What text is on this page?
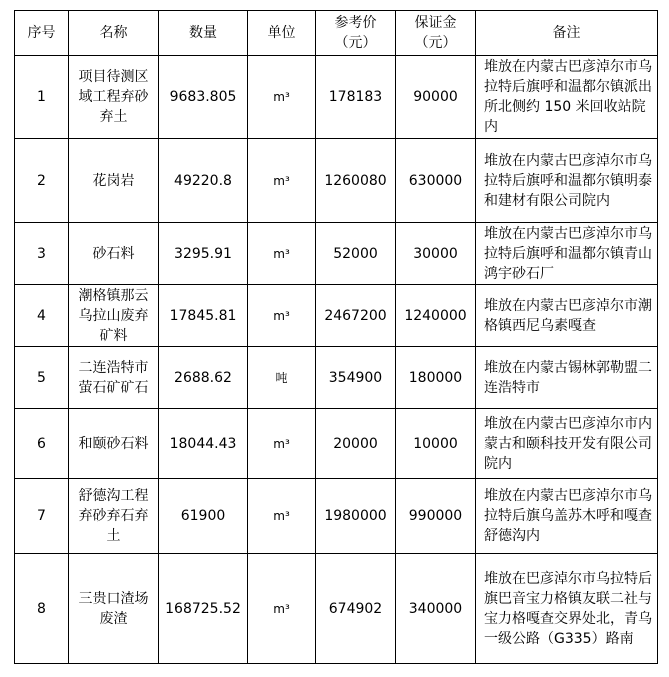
序号	名称	数量	单位	参考价（元）	保证金（元）	备注
1	项目待测区域工程弃砂弃土	9683.805	m³	178183	90000	堆放在内蒙古巴彦淖尔市乌拉特后旗呼和温都尔镇派出所北侧约 150 米回收站院内
2	花岗岩	49220.8	m³	1260080	630000	堆放在内蒙古巴彦淖尔市乌拉特后旗呼和温都尔镇明泰和建材有限公司院内
3	砂石料	3295.91	m³	52000	30000	堆放在内蒙古巴彦淖尔市乌拉特后旗呼和温都尔镇青山鸿宇砂石厂
4	潮格镇那云乌拉山废弃矿料	17845.81	m³	2467200	1240000	堆放在内蒙古巴彦淖尔市潮格镇西尼乌素嘎查
5	二连浩特市萤石矿矿石	2688.62	吨	354900	180000	堆放在内蒙古锡林郭勒盟二连浩特市
6	和颐砂石料	18044.43	m³	20000	10000	堆放在内蒙古巴彦淖尔市内蒙古和颐科技开发有限公司院内
7	舒德沟工程弃砂弃石弃土	61900	m³	1980000	990000	堆放在内蒙古巴彦淖尔市乌拉特后旗乌盖苏木呼和嘎查舒德沟内
8	三贵口渣场废渣	168725.52	m³	674902	340000	堆放在巴彦淖尔市乌拉特后旗巴音宝力格镇友联二社与宝力格嘎查交界处北，青乌一级公路（G335）路南
